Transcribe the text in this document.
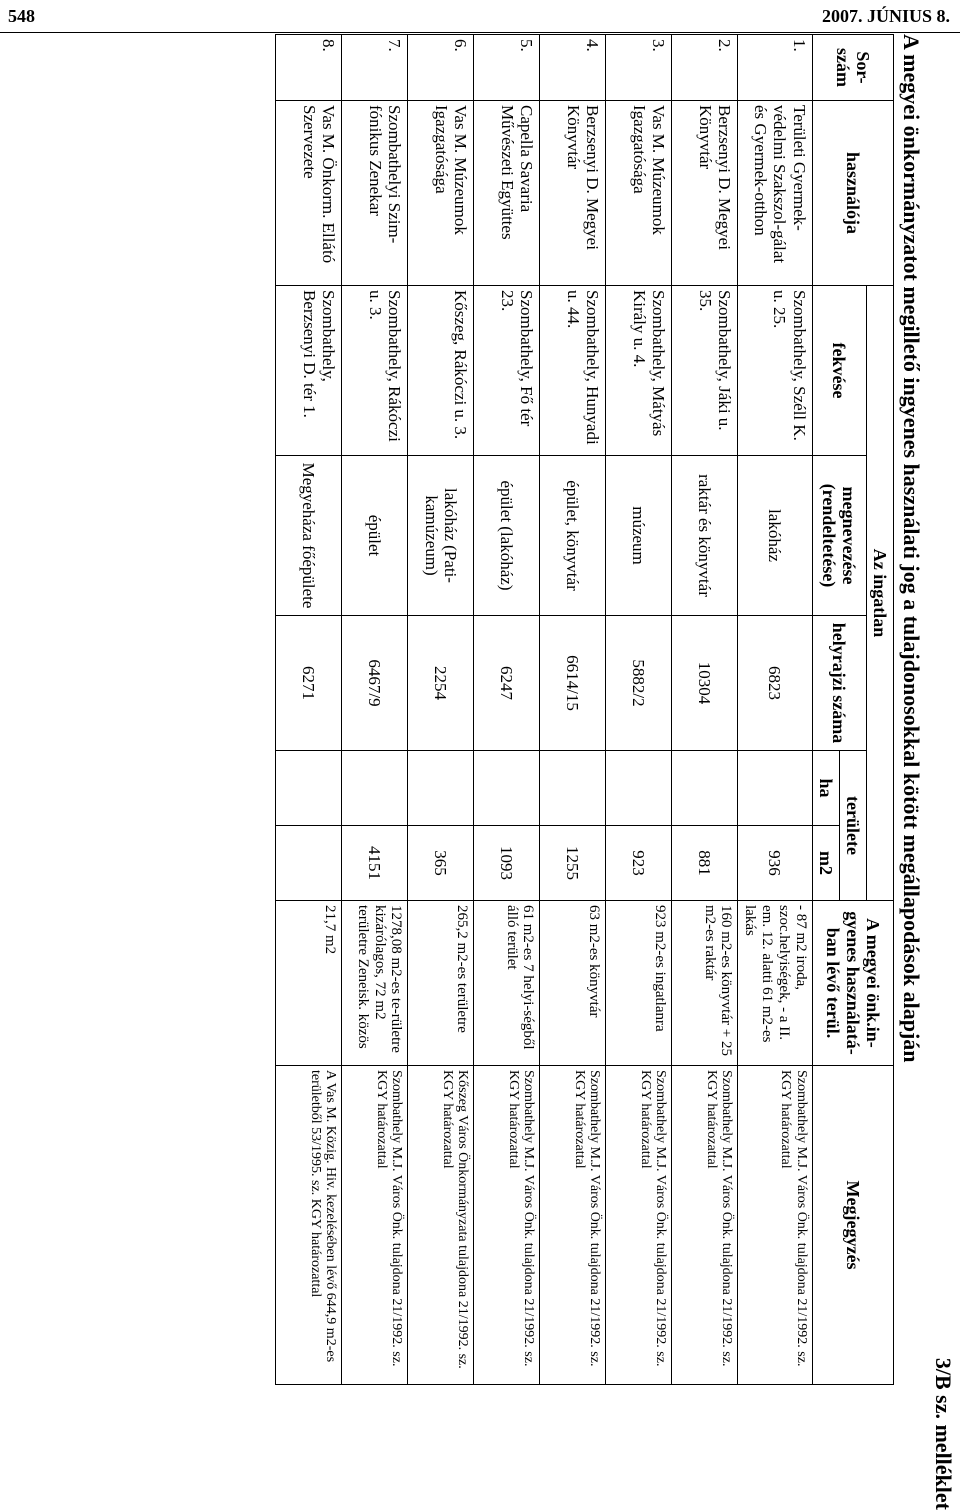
548	2007. JÚNIUS 8.
3/B sz. melléklet
A megyei önkormányzatot megillető ingyenes használati jog a tulajdonosokkal kötött megállapodások alapján
Sor-szám	használója	Az ingatlan					A megyei önk.in-gyenes használatá-ban lévő terül.	Megjegyzés
		fekvése	megnevezése (rendeltetése)	helyrajzi száma	területe			
					ha	m2		
1.	Területi Gyermek-védelmi Szakszol-gálat és Gyermek-otthon	Szombathely, Széll K. u. 25.	lakóház	6823		936	- 87 m2 iroda, szoc.helyiségek, - a II. em. 12. alatti 61 m2-es lakás	Szombathely M.J. Város Önk. tulajdona 21/1992. sz. KGY határozattal
2.	Berzsenyi D. Megyei Könyvtár	Szombathely, Jáki u. 35.	raktár és könyvtár	10304		881	160 m2-es könyvtár + 25 m2-es raktár	Szombathely M.J. Város Önk. tulajdona 21/1992. sz. KGY határozattal
3.	Vas M. Múzeumok Igazgatósága	Szombathely, Mátyás Király u. 4.	múzeum	5882/2		923	923 m2-es ingatlanra	Szombathely M.J. Város Önk. tulajdona 21/1992. sz. KGY határozattal
4.	Berzsenyi D. Megyei Könyvtár	Szombathely, Hunyadi u. 44.	épület, könyvtár	6614/15		1255	63 m2-es könyvtár	Szombathely M.J. Város Önk. tulajdona 21/1992. sz. KGY határozattal
5.	Capella Savaria Művészeti Együttes	Szombathely, Fő tér 23.	épület (lakóház)	6247		1093	61 m2-es 7 helyi-ségből álló terület	Szombathely M.J. Város Önk. tulajdona 21/1992. sz. KGY határozattal
6.	Vas M. Múzeumok Igazgatósága	Kőszeg, Rákóczi u. 3.	lakóház (Pati-kamúzeum)	2254		365	265,2 m2-es területre	Kőszeg Város Önkormányzata tulajdona 21/1992. sz. KGY határozattal
7.	Szombathelyi Szim-fónikus Zenekar	Szombathely, Rákóczi u. 3.	épület	6467/9		4151	1278,08 m2-es te-rületre kizárólagos, 72 m2 területre Zeneisk. közös	Szombathely M.J. Város Önk. tulajdona 21/1992. sz. KGY határozattal
8.	Vas M. Önkorm. Ellátó Szervezete	Szombathely, Berzsenyi D. tér 1.	Megyeháza főépülete	6271			21,7 m2	A Vas M. Közig. Hiv. kezelésében lévő 644,9 m2-es területből 53/1995. sz. KGY határozattal
